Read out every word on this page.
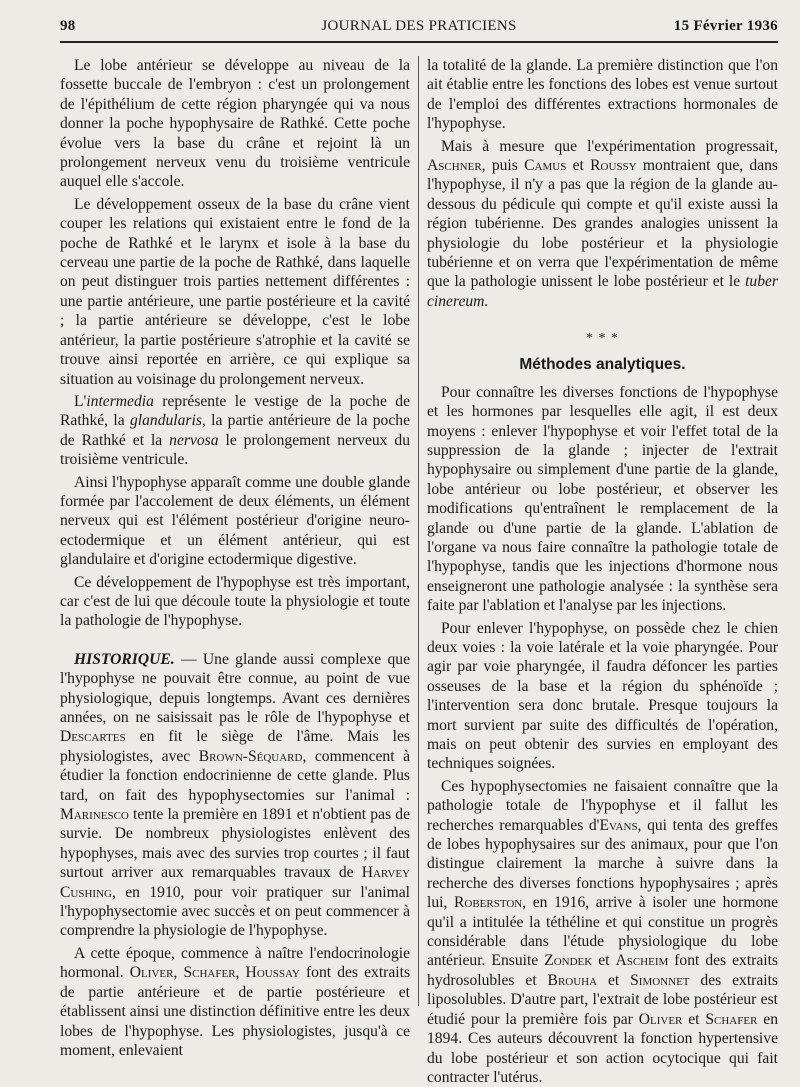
98	JOURNAL DES PRATICIENS	15 Février 1936

Le lobe antérieur se développe au niveau de la fossette buccale de l'embryon : c'est un prolongement de l'épithélium de cette région pharyngée qui va nous donner la poche hypophysaire de Rathké. Cette poche évolue vers la base du crâne et rejoint là un prolongement nerveux venu du troisième ventricule auquel elle s'accole.

Le développement osseux de la base du crâne vient couper les relations qui existaient entre le fond de la poche de Rathké et le larynx et isole à la base du cerveau une partie de la poche de Rathké, dans laquelle on peut distinguer trois parties nettement différentes : une partie antérieure, une partie postérieure et la cavité ; la partie antérieure se développe, c'est le lobe antérieur, la partie postérieure s'atrophie et la cavité se trouve ainsi reportée en arrière, ce qui explique sa situation au voisinage du prolongement nerveux.

L'intermedia représente le vestige de la poche de Rathké, la glandularis, la partie antérieure de la poche de Rathké et la nervosa le prolongement nerveux du troisième ventricule.

Ainsi l'hypophyse apparaît comme une double glande formée par l'accolement de deux éléments, un élément nerveux qui est l'élément postérieur d'origine neuro-ectodermique et un élément antérieur, qui est glandulaire et d'origine ectodermique digestive.

Ce développement de l'hypophyse est très important, car c'est de lui que découle toute la physiologie et toute la pathologie de l'hypophyse.

HISTORIQUE. — Une glande aussi complexe que l'hypophyse ne pouvait être connue, au point de vue physiologique, depuis longtemps. Avant ces dernières années, on ne saisissait pas le rôle de l'hypophyse et Descartes en fit le siège de l'âme. Mais les physiologistes, avec Brown-Séquard, commencent à étudier la fonction endocrinienne de cette glande. Plus tard, on fait des hypophysectomies sur l'animal : Marinesco tente la première en 1891 et n'obtient pas de survie. De nombreux physiologistes enlèvent des hypophyses, mais avec des survies trop courtes ; il faut surtout arriver aux remarquables travaux de Harvey Cushing, en 1910, pour voir pratiquer sur l'animal l'hypophysectomie avec succès et on peut commencer à comprendre la physiologie de l'hypophyse.

A cette époque, commence à naître l'endocrinologie hormonal. Oliver, Schafer, Houssay font des extraits de partie antérieure et de partie postérieure et établissent ainsi une distinction définitive entre les deux lobes de l'hypophyse. Les physiologistes, jusqu'à ce moment, enlevaient

la totalité de la glande. La première distinction que l'on ait établie entre les fonctions des lobes est venue surtout de l'emploi des différentes extractions hormonales de l'hypophyse.

Mais à mesure que l'expérimentation progressait, Aschner, puis Camus et Roussy montraient que, dans l'hypophyse, il n'y a pas que la région de la glande au-dessous du pédicule qui compte et qu'il existe aussi la région tubérienne. Des grandes analogies unissent la physiologie du lobe postérieur et la physiologie tubérienne et on verra que l'expérimentation de même que la pathologie unissent le lobe postérieur et le tuber cinereum.

* * *
Méthodes analytiques.

Pour connaître les diverses fonctions de l'hypophyse et les hormones par lesquelles elle agit, il est deux moyens : enlever l'hypophyse et voir l'effet total de la suppression de la glande ; injecter de l'extrait hypophysaire ou simplement d'une partie de la glande, lobe antérieur ou lobe postérieur, et observer les modifications qu'entraînent le remplacement de la glande ou d'une partie de la glande. L'ablation de l'organe va nous faire connaître la pathologie totale de l'hypophyse, tandis que les injections d'hormone nous enseigneront une pathologie analysée : la synthèse sera faite par l'ablation et l'analyse par les injections.

Pour enlever l'hypophyse, on possède chez le chien deux voies : la voie latérale et la voie pharyngée. Pour agir par voie pharyngée, il faudra défoncer les parties osseuses de la base et la région du sphénoïde ; l'intervention sera donc brutale. Presque toujours la mort survient par suite des difficultés de l'opération, mais on peut obtenir des survies en employant des techniques soignées.

Ces hypophysectomies ne faisaient connaître que la pathologie totale de l'hypophyse et il fallut les recherches remarquables d'Evans, qui tenta des greffes de lobes hypophysaires sur des animaux, pour que l'on distingue clairement la marche à suivre dans la recherche des diverses fonctions hypophysaires ; après lui, Roberston, en 1916, arrive à isoler une hormone qu'il a intitulée la téthéline et qui constitue un progrès considérable dans l'étude physiologique du lobe antérieur. Ensuite Zondek et Ascheim font des extraits hydrosolubles et Brouha et Simonnet des extraits liposolubles. D'autre part, l'extrait de lobe postérieur est étudié pour la première fois par Oliver et Schafer en 1894. Ces auteurs découvrent la fonction hypertensive du lobe postérieur et son action ocytocique qui fait contracter l'utérus.
